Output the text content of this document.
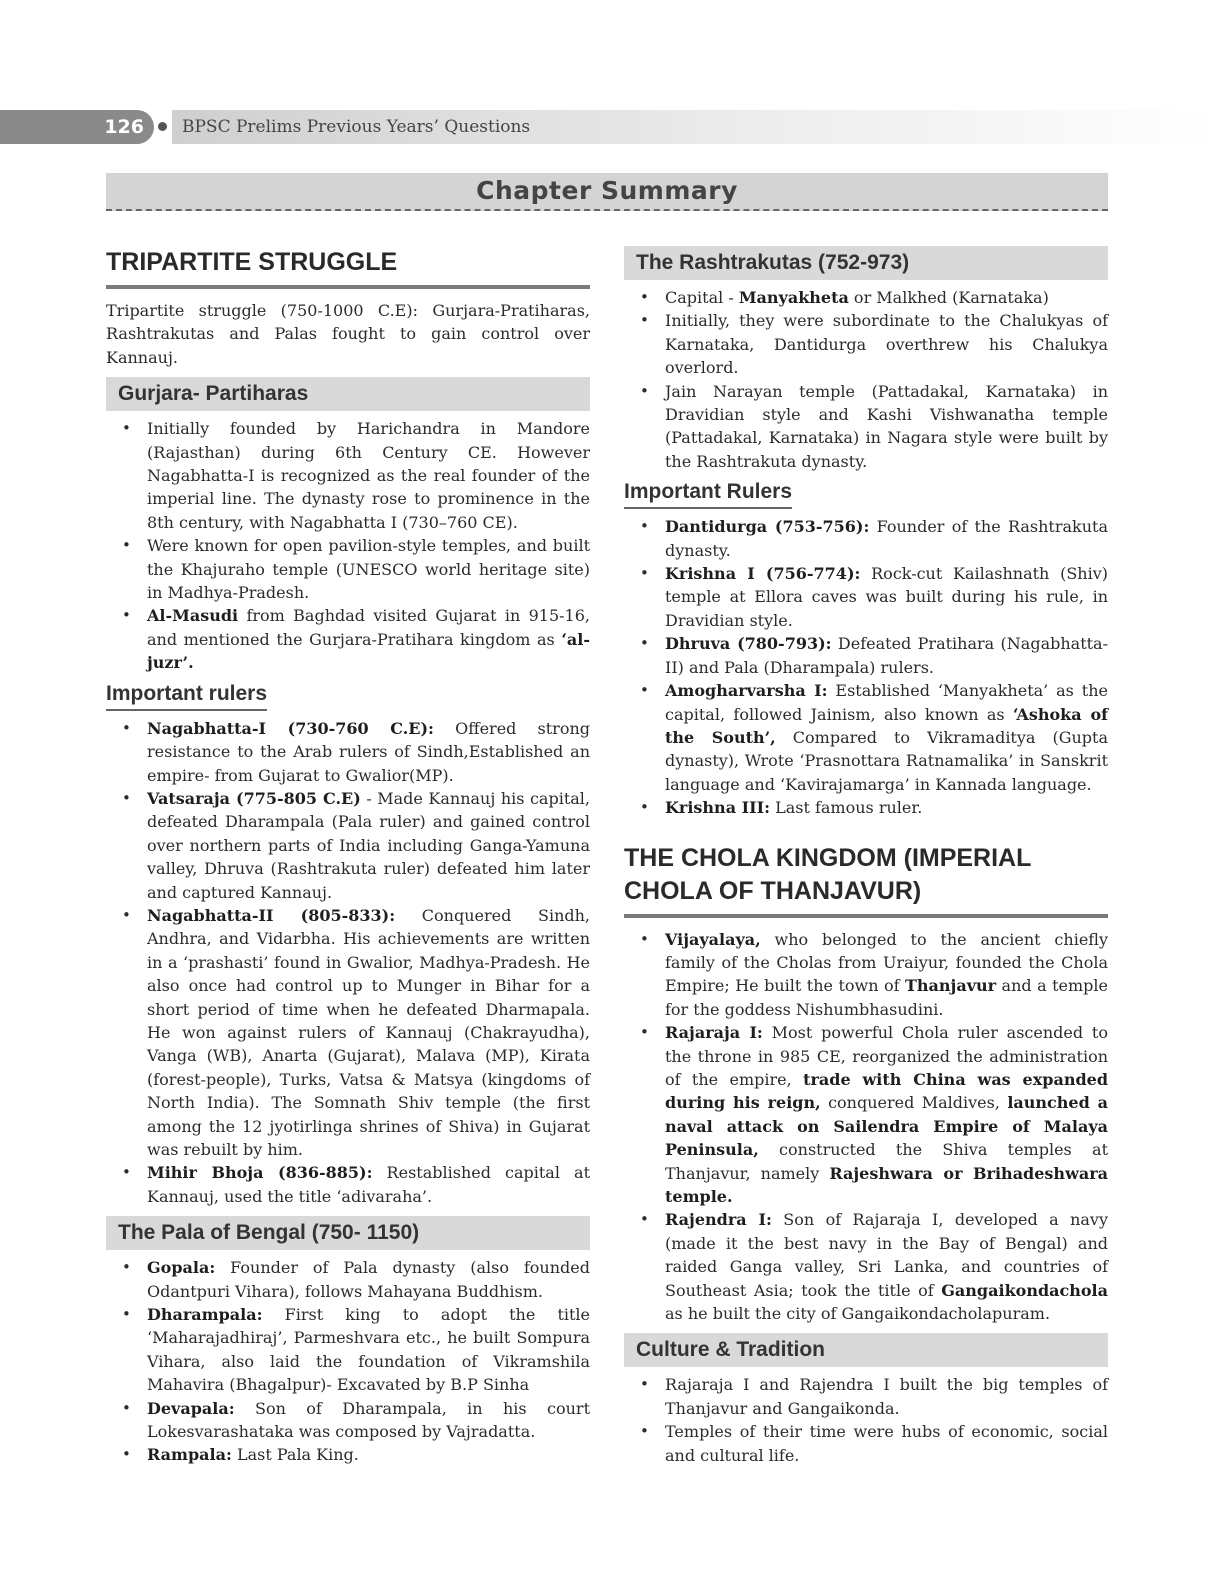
126	BPSC Prelims Previous Years’ Questions
Chapter Summary
TRIPARTITE STRUGGLE

Tripartite struggle (750-1000 C.E): Gurjara-Pratiharas, Rashtrakutas and Palas fought to gain control over Kannauj.

Gurjara- Partiharas
• Initially founded by Harichandra in Mandore (Rajasthan) during 6th Century CE. However Nagabhatta-I is recognized as the real founder of the imperial line. The dynasty rose to prominence in the 8th century, with Nagabhatta I (730–760 CE).
• Were known for open pavilion-style temples, and built the Khajuraho temple (UNESCO world heritage site) in Madhya-Pradesh.
• Al-Masudi from Baghdad visited Gujarat in 915-16, and mentioned the Gurjara-Pratihara kingdom as ‘al-juzr’.
Important rulers
• Nagabhatta-I (730-760 C.E): Offered strong resistance to the Arab rulers of Sindh,Established an empire- from Gujarat to Gwalior(MP).
• Vatsaraja (775-805 C.E) - Made Kannauj his capital, defeated Dharampala (Pala ruler) and gained control over northern parts of India including Ganga-Yamuna valley, Dhruva (Rashtrakuta ruler) defeated him later and captured Kannauj.
• Nagabhatta-II (805-833): Conquered Sindh, Andhra, and Vidarbha. His achievements are written in a ‘prashasti’ found in Gwalior, Madhya-Pradesh. He also once had control up to Munger in Bihar for a short period of time when he defeated Dharmapala. He won against rulers of Kannauj (Chakrayudha), Vanga (WB), Anarta (Gujarat), Malava (MP), Kirata (forest-people), Turks, Vatsa & Matsya (kingdoms of North India). The Somnath Shiv temple (the first among the 12 jyotirlinga shrines of Shiva) in Gujarat was rebuilt by him.
• Mihir Bhoja (836-885): Restablished capital at Kannauj, used the title ‘adivaraha’.
The Pala of Bengal (750- 1150)
• Gopala: Founder of Pala dynasty (also founded Odantpuri Vihara), follows Mahayana Buddhism.
• Dharampala: First king to adopt the title ‘Maharajadhiraj’, Parmeshvara etc., he built Sompura Vihara, also laid the foundation of Vikramshila Mahavira (Bhagalpur)- Excavated by B.P Sinha
• Devapala: Son of Dharampala, in his court Lokesvarashataka was composed by Vajradatta.
• Rampala: Last Pala King.
The Rashtrakutas (752-973)
• Capital - Manyakheta or Malkhed (Karnataka)
• Initially, they were subordinate to the Chalukyas of Karnataka, Dantidurga overthrew his Chalukya overlord.
• Jain Narayan temple (Pattadakal, Karnataka) in Dravidian style and Kashi Vishwanatha temple (Pattadakal, Karnataka) in Nagara style were built by the Rashtrakuta dynasty.
Important Rulers
• Dantidurga (753-756): Founder of the Rashtrakuta dynasty.
• Krishna I (756-774): Rock-cut Kailashnath (Shiv) temple at Ellora caves was built during his rule, in Dravidian style.
• Dhruva (780-793): Defeated Pratihara (Nagabhatta-II) and Pala (Dharampala) rulers.
• Amogharvarsha I: Established ‘Manyakheta’ as the capital, followed Jainism, also known as ‘Ashoka of the South’, Compared to Vikramaditya (Gupta dynasty), Wrote ‘Prasnottara Ratnamalika’ in Sanskrit language and ‘Kavirajamarga’ in Kannada language.
• Krishna III: Last famous ruler.
THE CHOLA KINGDOM (IMPERIAL CHOLA OF THANJAVUR)
• Vijayalaya, who belonged to the ancient chiefly family of the Cholas from Uraiyur, founded the Chola Empire; He built the town of Thanjavur and a temple for the goddess Nishumbhasudini.
• Rajaraja I: Most powerful Chola ruler ascended to the throne in 985 CE, reorganized the administration of the empire, trade with China was expanded during his reign, conquered Maldives, launched a naval attack on Sailendra Empire of Malaya Peninsula, constructed the Shiva temples at Thanjavur, namely Rajeshwara or Brihadeshwara temple.
• Rajendra I: Son of Rajaraja I, developed a navy (made it the best navy in the Bay of Bengal) and raided Ganga valley, Sri Lanka, and countries of Southeast Asia; took the title of Gangaikondachola as he built the city of Gangaikondacholapuram.
Culture & Tradition
• Rajaraja I and Rajendra I built the big temples of Thanjavur and Gangaikonda.
• Temples of their time were hubs of economic, social and cultural life.
